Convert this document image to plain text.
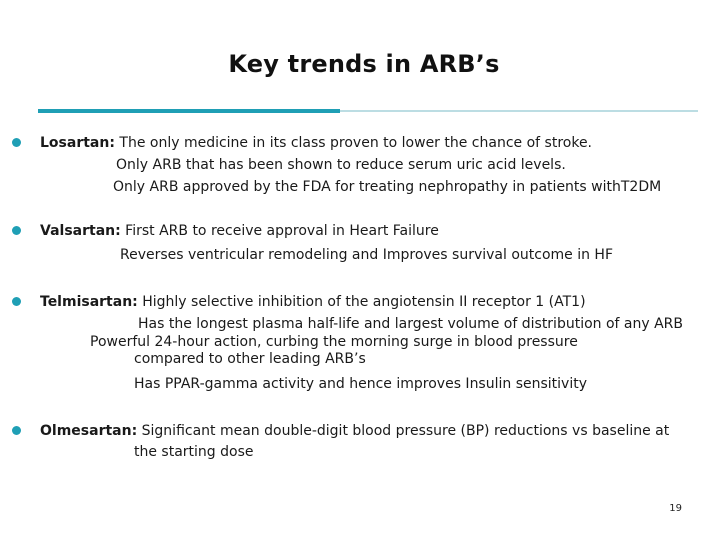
Key trends in ARB’s
Losartan: The only medicine in its class proven to lower the chance of stroke.
Only ARB that has been shown to reduce serum uric acid levels.
Only ARB approved by the FDA for treating nephropathy in patients withT2DM
Valsartan: First ARB to receive approval in Heart Failure
Reverses ventricular remodeling and Improves survival outcome in HF
Telmisartan: Highly selective inhibition of the angiotensin II receptor 1 (AT1)
Has the longest plasma half-life and largest volume of distribution of any ARB
Powerful 24-hour action, curbing the morning surge in blood pressure
compared to other leading ARB’s
Has PPAR-gamma activity and hence improves Insulin sensitivity
Olmesartan: Significant mean double-digit blood pressure (BP) reductions vs baseline at
the starting dose
19
